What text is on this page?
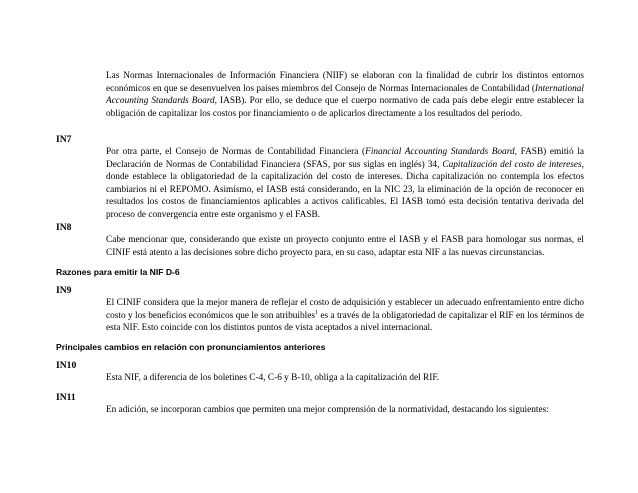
Las Normas Internacionales de Información Financiera (NIIF) se elaboran con la finalidad de cubrir los distintos entornos económicos en que se desenvuelven los países miembros del Consejo de Normas Internacionales de Contabilidad (International Accounting Standards Board, IASB). Por ello, se deduce que el cuerpo normativo de cada país debe elegir entre establecer la obligación de capitalizar los costos por financiamiento o de aplicarlos directamente a los resultados del periodo.
IN7
Por otra parte, el Consejo de Normas de Contabilidad Financiera (Financial Accounting Standards Board, FASB) emitió la Declaración de Normas de Contabilidad Financiera (SFAS, por sus siglas en inglés) 34, Capitalización del costo de intereses, donde establece la obligatoriedad de la capitalización del costo de intereses. Dicha capitalización no contempla los efectos cambiarios ni el REPOMO. Asimismo, el IASB está considerando, en la NIC 23, la eliminación de la opción de reconocer en resultados los costos de financiamientos aplicables a activos calificables. El IASB tomó esta decisión tentativa derivada del proceso de convergencia entre este organismo y el FASB.
IN8
Cabe mencionar que, considerando que existe un proyecto conjunto entre el IASB y el FASB para homologar sus normas, el CINIF está atento a las decisiones sobre dicho proyecto para, en su caso, adaptar esta NIF a las nuevas circunstancias.
Razones para emitir la NIF D-6
IN9
El CINIF considera que la mejor manera de reflejar el costo de adquisición y establecer un adecuado enfrentamiento entre dicho costo y los beneficios económicos que le son atribuibles$^1$ es a través de la obligatoriedad de capitalizar el RIF en los términos de esta NIF. Esto coincide con los distintos puntos de vista aceptados a nivel internacional.
Principales cambios en relación con pronunciamientos anteriores
IN10
Esta NIF, a diferencia de los boletines C-4, C-6 y B-10, obliga a la capitalización del RIF.
IN11
En adición, se incorporan cambios que permiten una mejor comprensión de la normatividad, destacando los siguientes:
